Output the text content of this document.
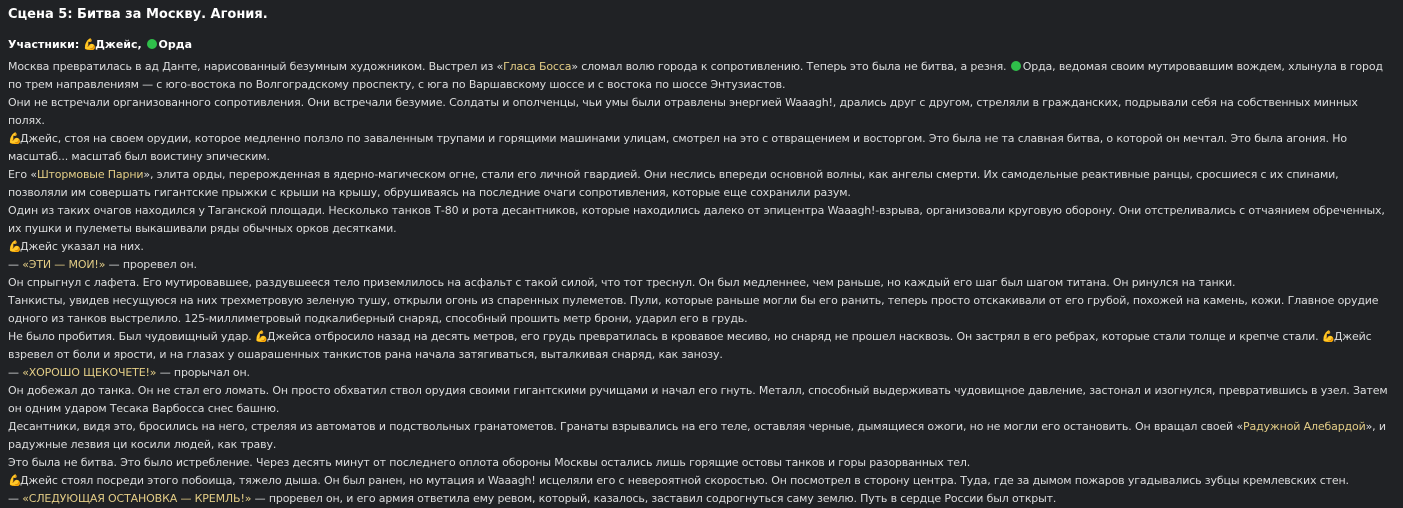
Сцена 5: Битва за Москву. Агония.
Участники: 💪Джейс, Орда

Москва превратилась в ад Данте, нарисованный безумным художником. Выстрел из «Гласа Босса» сломал волю города к сопротивлению. Теперь это была не битва, а резня. Орда, ведомая своим мутировавшим вождем, хлынула в город по трем направлениям — с юго-востока по Волгоградскому проспекту, с юга по Варшавскому шоссе и с востока по шоссе Энтузиастов.

Они не встречали организованного сопротивления. Они встречали безумие. Солдаты и ополченцы, чьи умы были отравлены энергией Waaagh!, дрались друг с другом, стреляли в гражданских, подрывали себя на собственных минных полях.

💪Джейс, стоя на своем орудии, которое медленно ползло по заваленным трупами и горящими машинами улицам, смотрел на это с отвращением и восторгом. Это была не та славная битва, о которой он мечтал. Это была агония. Но масштаб... масштаб был воистину эпическим.

Его «Штормовые Парни», элита орды, перерожденная в ядерно-магическом огне, стали его личной гвардией. Они неслись впереди основной волны, как ангелы смерти. Их самодельные реактивные ранцы, сросшиеся с их спинами, позволяли им совершать гигантские прыжки с крыши на крышу, обрушиваясь на последние очаги сопротивления, которые еще сохранили разум.

Один из таких очагов находился у Таганской площади. Несколько танков Т-80 и рота десантников, которые находились далеко от эпицентра Waaagh!-взрыва, организовали круговую оборону. Они отстреливались с отчаянием обреченных, их пушки и пулеметы выкашивали ряды обычных орков десятками.

💪Джейс указал на них.

— «ЭТИ — МОИ!» — проревел он.

Он спрыгнул с лафета. Его мутировавшее, раздувшееся тело приземлилось на асфальт с такой силой, что тот треснул. Он был медленнее, чем раньше, но каждый его шаг был шагом титана. Он ринулся на танки.

Танкисты, увидев несущуюся на них трехметровую зеленую тушу, открыли огонь из спаренных пулеметов. Пули, которые раньше могли бы его ранить, теперь просто отскакивали от его грубой, похожей на камень, кожи. Главное орудие одного из танков выстрелило. 125-миллиметровый подкалиберный снаряд, способный прошить метр брони, ударил его в грудь.

Не было пробития. Был чудовищный удар. 💪Джейса отбросило назад на десять метров, его грудь превратилась в кровавое месиво, но снаряд не прошел насквозь. Он застрял в его ребрах, которые стали толще и крепче стали. 💪Джейс взревел от боли и ярости, и на глазах у ошарашенных танкистов рана начала затягиваться, выталкивая снаряд, как занозу.

— «ХОРОШО ЩЕКОЧЕТЕ!» — прорычал он.

Он добежал до танка. Он не стал его ломать. Он просто обхватил ствол орудия своими гигантскими ручищами и начал его гнуть. Металл, способный выдерживать чудовищное давление, застонал и изогнулся, превратившись в узел. Затем он одним ударом Тесака Варбосса снес башню.

Десантники, видя это, бросились на него, стреляя из автоматов и подствольных гранатометов. Гранаты взрывались на его теле, оставляя черные, дымящиеся ожоги, но не могли его остановить. Он вращал своей «Радужной Алебардой», и радужные лезвия ци косили людей, как траву.

Это была не битва. Это было истребление. Через десять минут от последнего оплота обороны Москвы остались лишь горящие остовы танков и горы разорванных тел.

💪Джейс стоял посреди этого побоища, тяжело дыша. Он был ранен, но мутация и Waaagh! исцеляли его с невероятной скоростью. Он посмотрел в сторону центра. Туда, где за дымом пожаров угадывались зубцы кремлевских стен.

— «СЛЕДУЮЩАЯ ОСТАНОВКА — КРЕМЛЬ!» — проревел он, и его армия ответила ему ревом, который, казалось, заставил содрогнуться саму землю. Путь в сердце России был открыт.
